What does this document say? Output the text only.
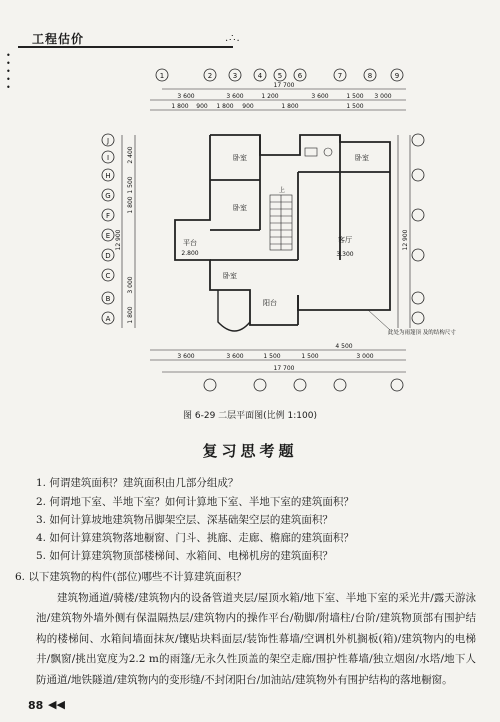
工程估价	.∴.
•
•
•
•
•
1	2	3	4 5 6	7	8	9
J
I
H
G
F
E
D
C
B
A
17 700
3 600	3 600	1 200	3 600	1 500 3 000
1 800 900 1 800 900	1 800	1 500
3 600	3 600	1 500	1 500	3 000
4 500
17 700
卧室
卧室
卧室
平台
2.800
卧室
客厅
3.300
阳台
上
12 900	12 900
2 400
1 500
1 800
3 000
1 800
此处为雨篷顶 及的结构尺寸
图 6-29 二层平面图(比例 1:100)
复习思考题
1. 何谓建筑面积？建筑面积由几部分组成？
2. 何谓地下室、半地下室？如何计算地下室、半地下室的建筑面积？
3. 如何计算坡地建筑物吊脚架空层、深基础架空层的建筑面积？
4. 如何计算建筑物落地橱窗、门斗、挑廊、走廊、檐廊的建筑面积？
5. 如何计算建筑物顶部楼梯间、水箱间、电梯机房的建筑面积？
6. 以下建筑物的构件(部位)哪些不计算建筑面积？
建筑物通道/骑楼/建筑物内的设备管道夹层/屋顶水箱/地下室、半地下室的采光井/露天游泳池/建筑物外墙外侧有保温隔热层/建筑物内的操作平台/勒脚/附墙柱/台阶/建筑物顶部有围护结构的楼梯间、水箱间墙面抹灰/镶贴块料面层/装饰性幕墙/空调机外机搁板(箱)/建筑物内的电梯井/飘窗/挑出宽度为2.2 m的雨篷/无永久性顶盖的架空走廊/围护性幕墙/独立烟囱/水塔/地下人防通道/地铁隧道/建筑物内的变形缝/不封闭阳台/加油站/建筑物外有围护结构的落地橱窗。
88 ◀◀
